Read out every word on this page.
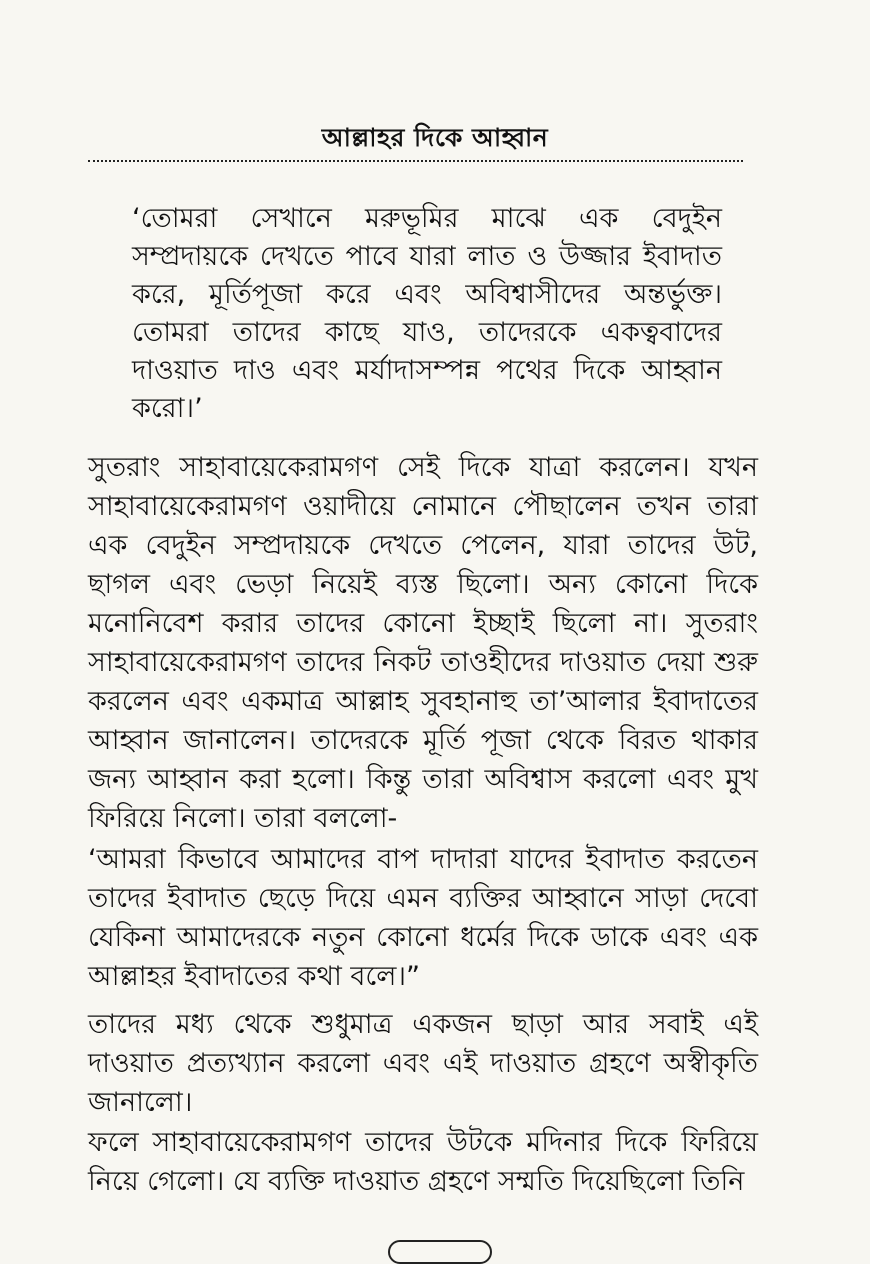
আল্লাহর দিকে আহ্বান
‘তোমরা সেখানে মরুভূমির মাঝে এক বেদুইন সম্প্রদায়কে দেখতে পাবে যারা লাত ও উজ্জার ইবাদাত করে, মূর্তিপূজা করে এবং অবিশ্বাসীদের অন্তর্ভুক্ত। তোমরা তাদের কাছে যাও, তাদেরকে একত্ববাদের দাওয়াত দাও এবং মর্যাদাসম্পন্ন পথের দিকে আহ্বান করো।’

সুতরাং সাহাবায়েকেরামগণ সেই দিকে যাত্রা করলেন। যখন সাহাবায়েকেরামগণ ওয়াদীয়ে নোমানে পৌছালেন তখন তারা এক বেদুইন সম্প্রদায়কে দেখতে পেলেন, যারা তাদের উট, ছাগল এবং ভেড়া নিয়েই ব্যস্ত ছিলো। অন্য কোনো দিকে মনোনিবেশ করার তাদের কোনো ইচ্ছাই ছিলো না। সুতরাং সাহাবায়েকেরামগণ তাদের নিকট তাওহীদের দাওয়াত দেয়া শুরু করলেন এবং একমাত্র আল্লাহ সুবহানাহু তা’আলার ইবাদাতের আহ্বান জানালেন। তাদেরকে মূর্তি পূজা থেকে বিরত থাকার জন্য আহ্বান করা হলো। কিন্তু তারা অবিশ্বাস করলো এবং মুখ ফিরিয়ে নিলো। তারা বললো-

‘আমরা কিভাবে আমাদের বাপ দাদারা যাদের ইবাদাত করতেন তাদের ইবাদাত ছেড়ে দিয়ে এমন ব্যক্তির আহ্বানে সাড়া দেবো যেকিনা আমাদেরকে নতুন কোনো ধর্মের দিকে ডাকে এবং এক আল্লাহর ইবাদাতের কথা বলে।”

তাদের মধ্য থেকে শুধুমাত্র একজন ছাড়া আর সবাই এই দাওয়াত প্রত্যখ্যান করলো এবং এই দাওয়াত গ্রহণে অস্বীকৃতি জানালো।

ফলে সাহাবায়েকেরামগণ তাদের উটকে মদিনার দিকে ফিরিয়ে নিয়ে গেলো। যে ব্যক্তি দাওয়াত গ্রহণে সম্মতি দিয়েছিলো তিনি
